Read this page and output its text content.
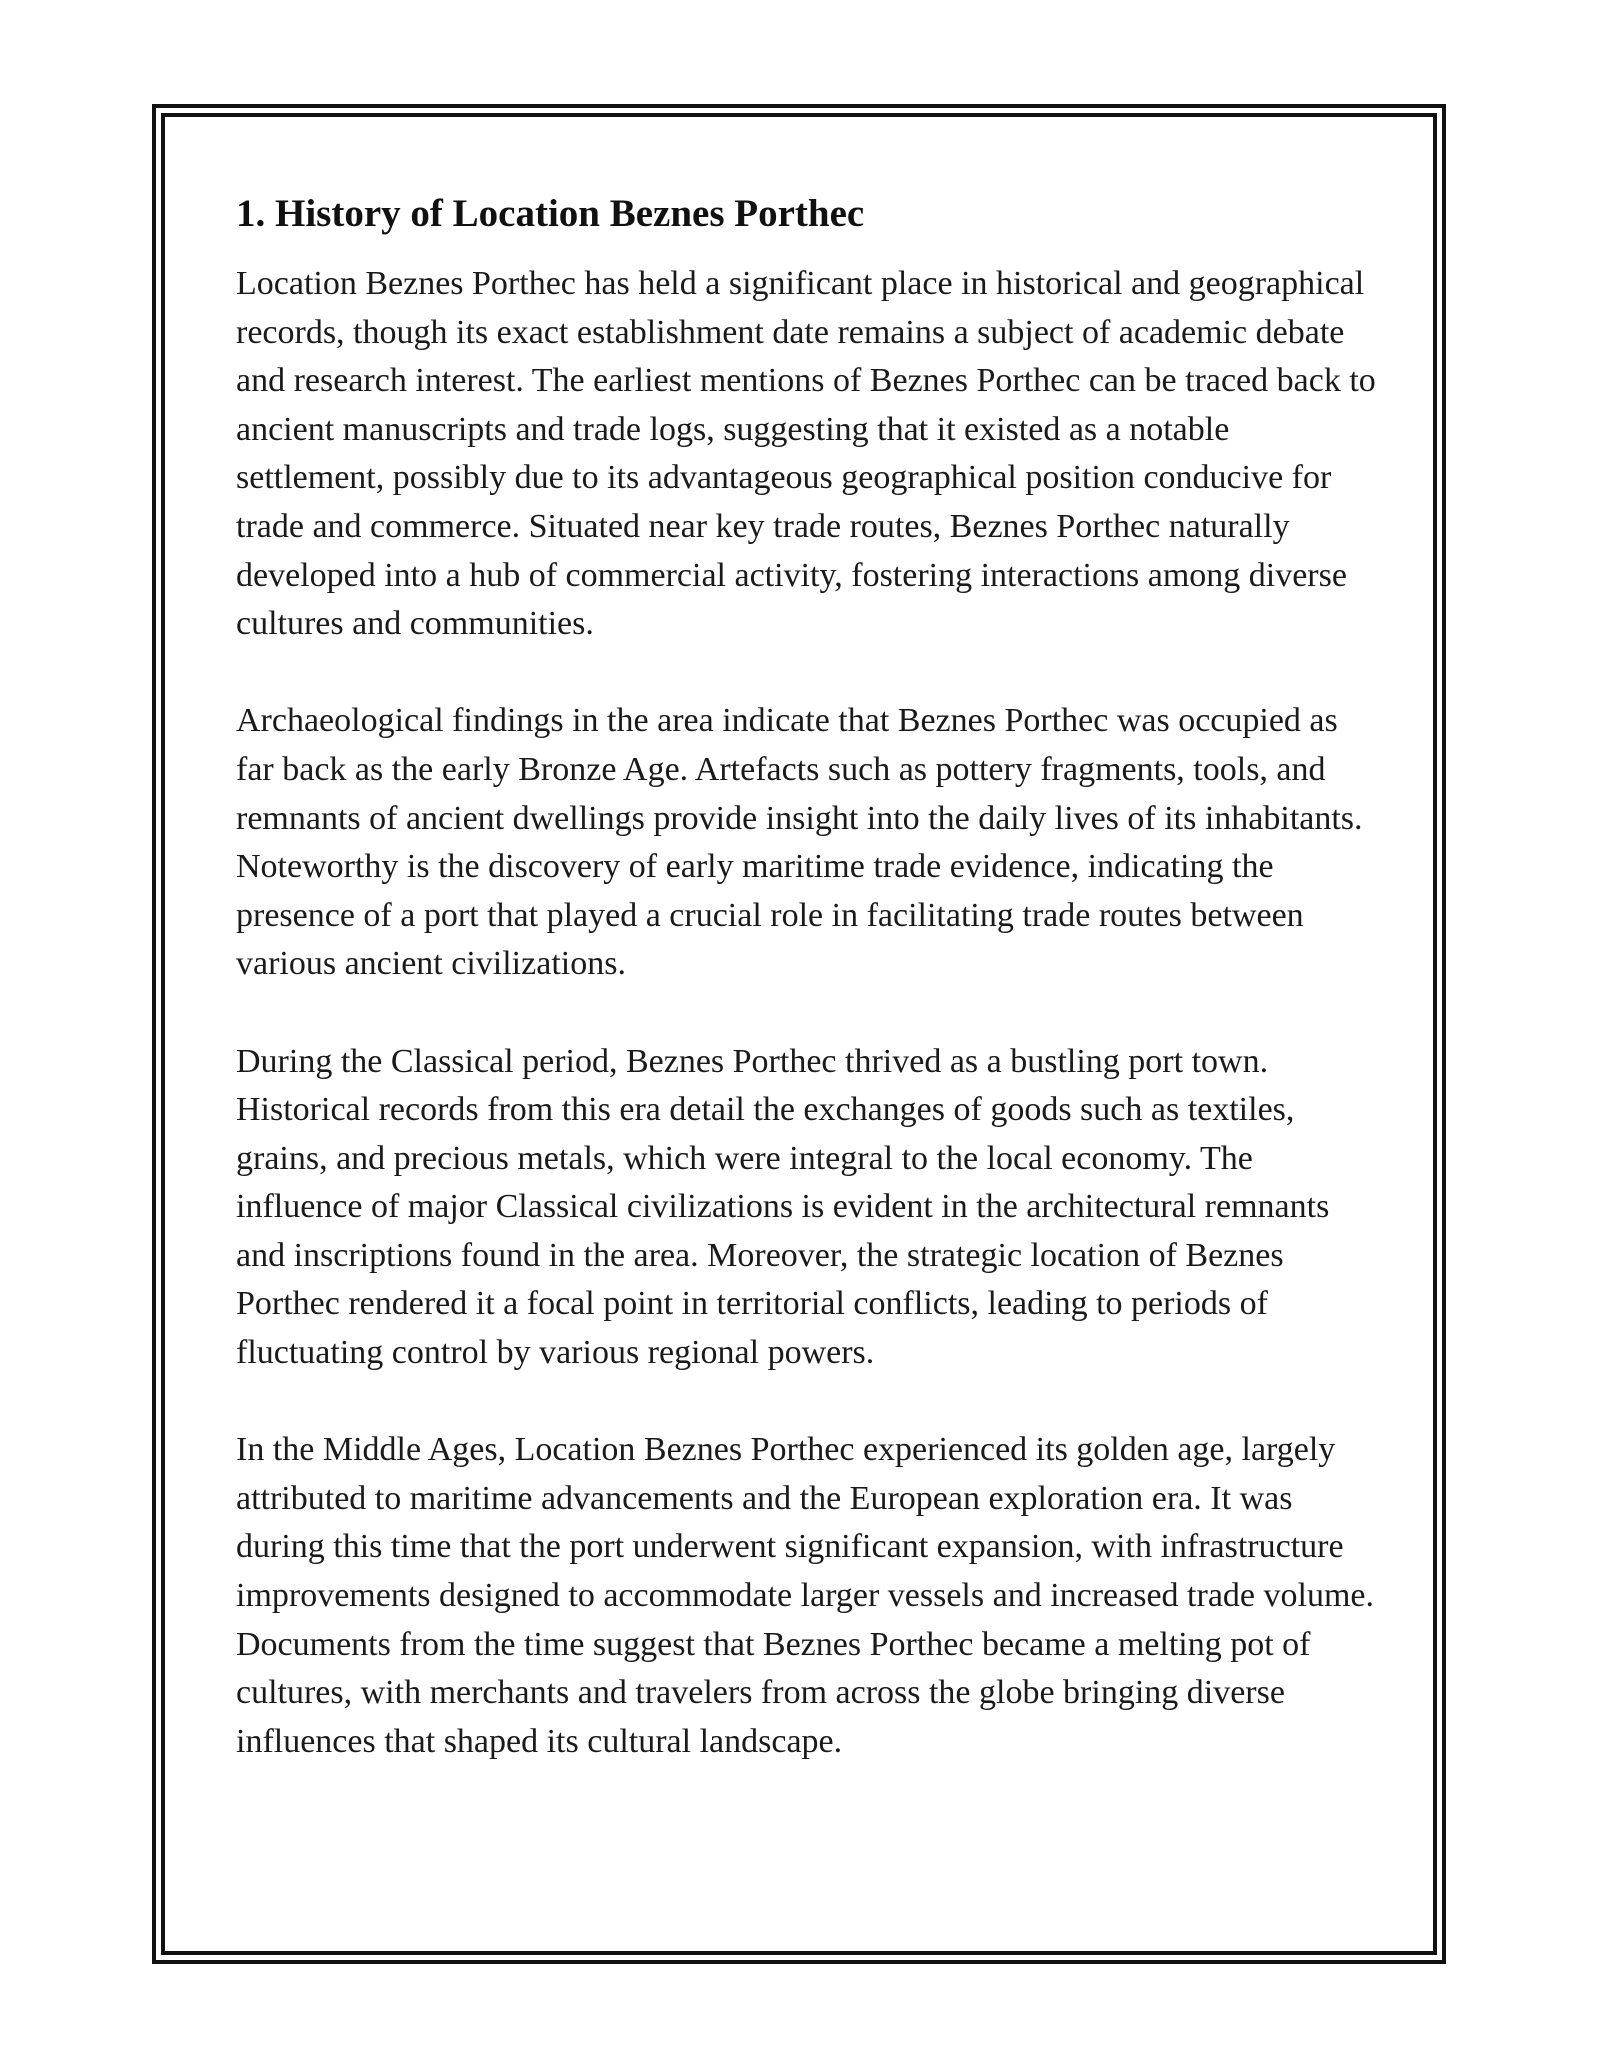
1. History of Location Beznes Porthec

Location Beznes Porthec has held a significant place in historical and geographical records, though its exact establishment date remains a subject of academic debate and research interest. The earliest mentions of Beznes Porthec can be traced back to ancient manuscripts and trade logs, suggesting that it existed as a notable settlement, possibly due to its advantageous geographical position conducive for trade and commerce. Situated near key trade routes, Beznes Porthec naturally developed into a hub of commercial activity, fostering interactions among diverse cultures and communities.

Archaeological findings in the area indicate that Beznes Porthec was occupied as far back as the early Bronze Age. Artefacts such as pottery fragments, tools, and remnants of ancient dwellings provide insight into the daily lives of its inhabitants. Noteworthy is the discovery of early maritime trade evidence, indicating the presence of a port that played a crucial role in facilitating trade routes between various ancient civilizations.

During the Classical period, Beznes Porthec thrived as a bustling port town. Historical records from this era detail the exchanges of goods such as textiles, grains, and precious metals, which were integral to the local economy. The influence of major Classical civilizations is evident in the architectural remnants and inscriptions found in the area. Moreover, the strategic location of Beznes Porthec rendered it a focal point in territorial conflicts, leading to periods of fluctuating control by various regional powers.

In the Middle Ages, Location Beznes Porthec experienced its golden age, largely attributed to maritime advancements and the European exploration era. It was during this time that the port underwent significant expansion, with infrastructure improvements designed to accommodate larger vessels and increased trade volume. Documents from the time suggest that Beznes Porthec became a melting pot of cultures, with merchants and travelers from across the globe bringing diverse influences that shaped its cultural landscape.
